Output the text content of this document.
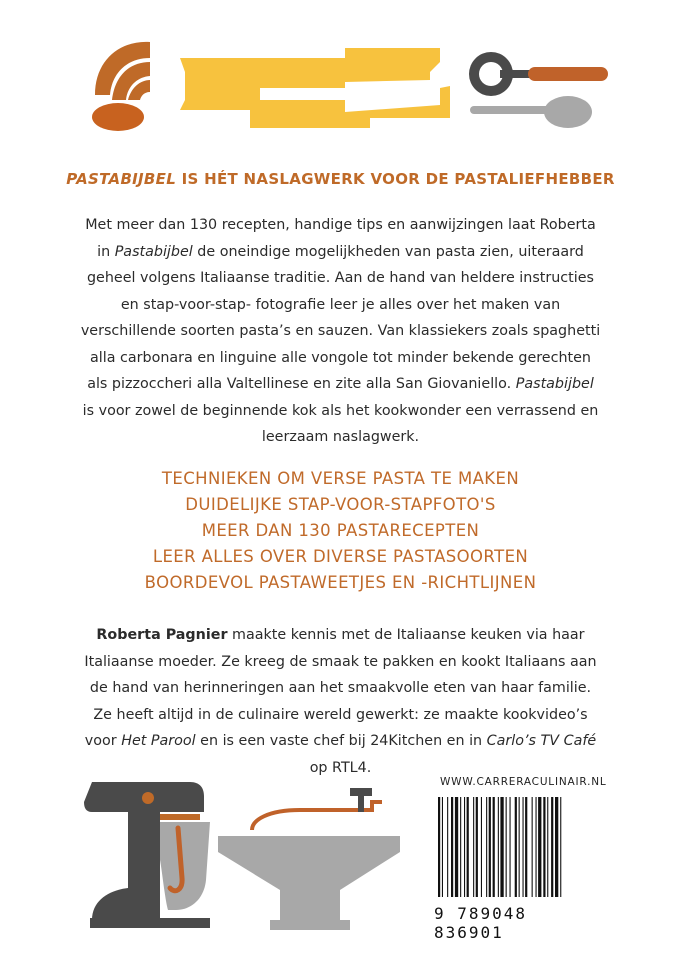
PASTABIJBEL IS HÉT NASLAGWERK VOOR DE PASTALIEFHEBBER
Met meer dan 130 recepten, handige tips en aanwijzingen laat Roberta in Pastabijbel de oneindige mogelijkheden van pasta zien, uiteraard geheel volgens Italiaanse traditie. Aan de hand van heldere instructies en stap-voor-stap- fotografie leer je alles over het maken van verschillende soorten pasta’s en sauzen. Van klassiekers zoals spaghetti alla carbonara en linguine alle vongole tot minder bekende gerechten als pizzoccheri alla Valtellinese en zite alla San Giovaniello. Pastabijbel is voor zowel de beginnende kok als het kookwonder een verrassend en leerzaam naslagwerk.
TECHNIEKEN OM VERSE PASTA TE MAKEN
DUIDELIJKE STAP-VOOR-STAPFOTO'S
MEER DAN 130 PASTARECEPTEN
LEER ALLES OVER DIVERSE PASTASOORTEN
BOORDEVOL PASTAWEETJES EN -RICHTLIJNEN
Roberta Pagnier maakte kennis met de Italiaanse keuken via haar Italiaanse moeder. Ze kreeg de smaak te pakken en kookt Italiaans aan de hand van herinneringen aan het smaakvolle eten van haar familie. Ze heeft altijd in de culinaire wereld gewerkt: ze maakte kookvideo’s voor Het Parool en is een vaste chef bij 24Kitchen en in Carlo’s TV Café op RTL4.
WWW.CARRERACULINAIR.NL
9 789048 836901
